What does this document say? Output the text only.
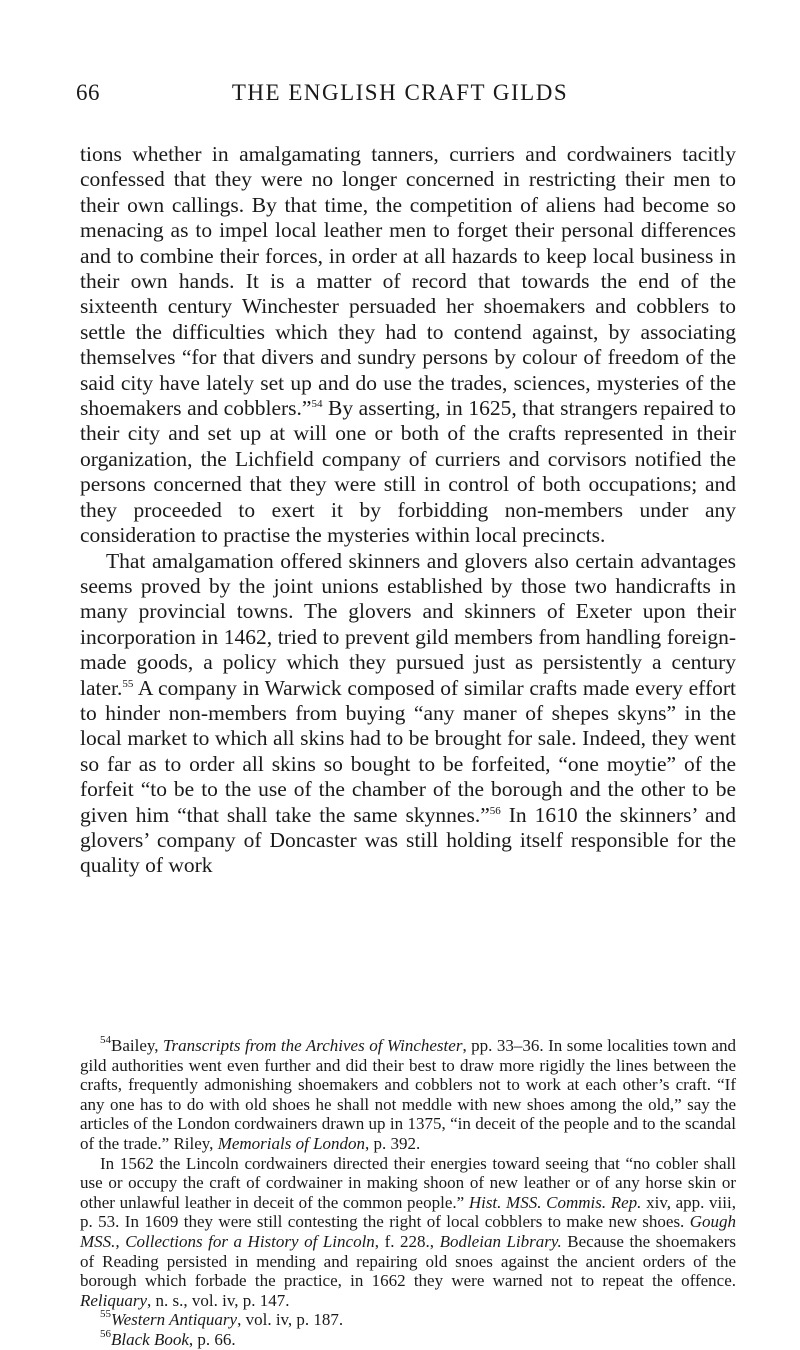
66	THE ENGLISH CRAFT GILDS

tions whether in amalgamating tanners, curriers and cordwainers tacitly confessed that they were no longer concerned in restricting their men to their own callings. By that time, the competition of aliens had become so menacing as to impel local leather men to forget their personal differences and to combine their forces, in order at all hazards to keep local business in their own hands. It is a matter of record that towards the end of the sixteenth century Winchester persuaded her shoemakers and cobblers to settle the difficulties which they had to contend against, by associating themselves “for that divers and sundry persons by colour of freedom of the said city have lately set up and do use the trades, sciences, mysteries of the shoemakers and cobblers.”$^{54}$ By asserting, in 1625, that strangers repaired to their city and set up at will one or both of the crafts represented in their organization, the Lichfield company of curriers and corvisors notified the persons concerned that they were still in control of both occupations; and they proceeded to exert it by forbidding non-members under any consideration to practise the mysteries within local precincts.

That amalgamation offered skinners and glovers also certain advantages seems proved by the joint unions established by those two handicrafts in many provincial towns. The glovers and skinners of Exeter upon their incorporation in 1462, tried to prevent gild members from handling foreign-made goods, a policy which they pursued just as persistently a century later.$^{55}$ A company in Warwick composed of similar crafts made every effort to hinder non-members from buying “any maner of shepes skyns” in the local market to which all skins had to be brought for sale. Indeed, they went so far as to order all skins so bought to be forfeited, “one moytie” of the forfeit “to be to the use of the chamber of the borough and the other to be given him “that shall take the same skynnes.”$^{56}$ In 1610 the skinners’ and glovers’ company of Doncaster was still holding itself responsible for the quality of work

$^{54}$Bailey, Transcripts from the Archives of Winchester, pp. 33–36. In some localities town and gild authorities went even further and did their best to draw more rigidly the lines between the crafts, frequently admonishing shoemakers and cobblers not to work at each other’s craft. “If any one has to do with old shoes he shall not meddle with new shoes among the old,” say the articles of the London cordwainers drawn up in 1375, “in deceit of the people and to the scandal of the trade.” Riley, Memorials of London, p. 392.

In 1562 the Lincoln cordwainers directed their energies toward seeing that “no cobler shall use or occupy the craft of cordwainer in making shoon of new leather or of any horse skin or other unlawful leather in deceit of the common people.” Hist. MSS. Commis. Rep. xiv, app. viii, p. 53. In 1609 they were still contesting the right of local cobblers to make new shoes. Gough MSS., Collections for a History of Lincoln, f. 228., Bodleian Library. Because the shoemakers of Reading persisted in mending and repairing old snoes against the ancient orders of the borough which forbade the practice, in 1662 they were warned not to repeat the offence. Reliquary, n. s., vol. iv, p. 147.

$^{55}$Western Antiquary, vol. iv, p. 187.

$^{56}$Black Book, p. 66.
